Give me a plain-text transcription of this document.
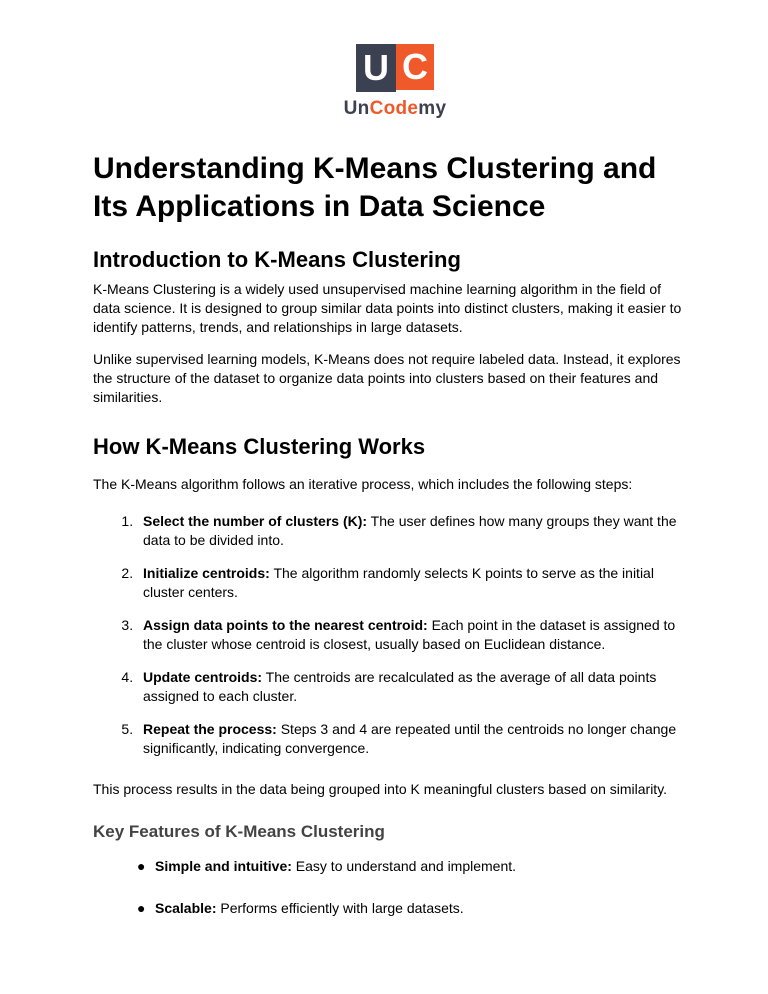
U C
UnCodemy
Understanding K-Means Clustering and Its Applications in Data Science
Introduction to K-Means Clustering

K-Means Clustering is a widely used unsupervised machine learning algorithm in the field of data science. It is designed to group similar data points into distinct clusters, making it easier to identify patterns, trends, and relationships in large datasets.

Unlike supervised learning models, K-Means does not require labeled data. Instead, it explores the structure of the dataset to organize data points into clusters based on their features and similarities.

How K-Means Clustering Works

The K-Means algorithm follows an iterative process, which includes the following steps:

1. Select the number of clusters (K): The user defines how many groups they want the data to be divided into.
2. Initialize centroids: The algorithm randomly selects K points to serve as the initial cluster centers.
3. Assign data points to the nearest centroid: Each point in the dataset is assigned to the cluster whose centroid is closest, usually based on Euclidean distance.
4. Update centroids: The centroids are recalculated as the average of all data points assigned to each cluster.
5. Repeat the process: Steps 3 and 4 are repeated until the centroids no longer change significantly, indicating convergence.

This process results in the data being grouped into K meaningful clusters based on similarity.

Key Features of K-Means Clustering
● Simple and intuitive: Easy to understand and implement.
● Scalable: Performs efficiently with large datasets.
